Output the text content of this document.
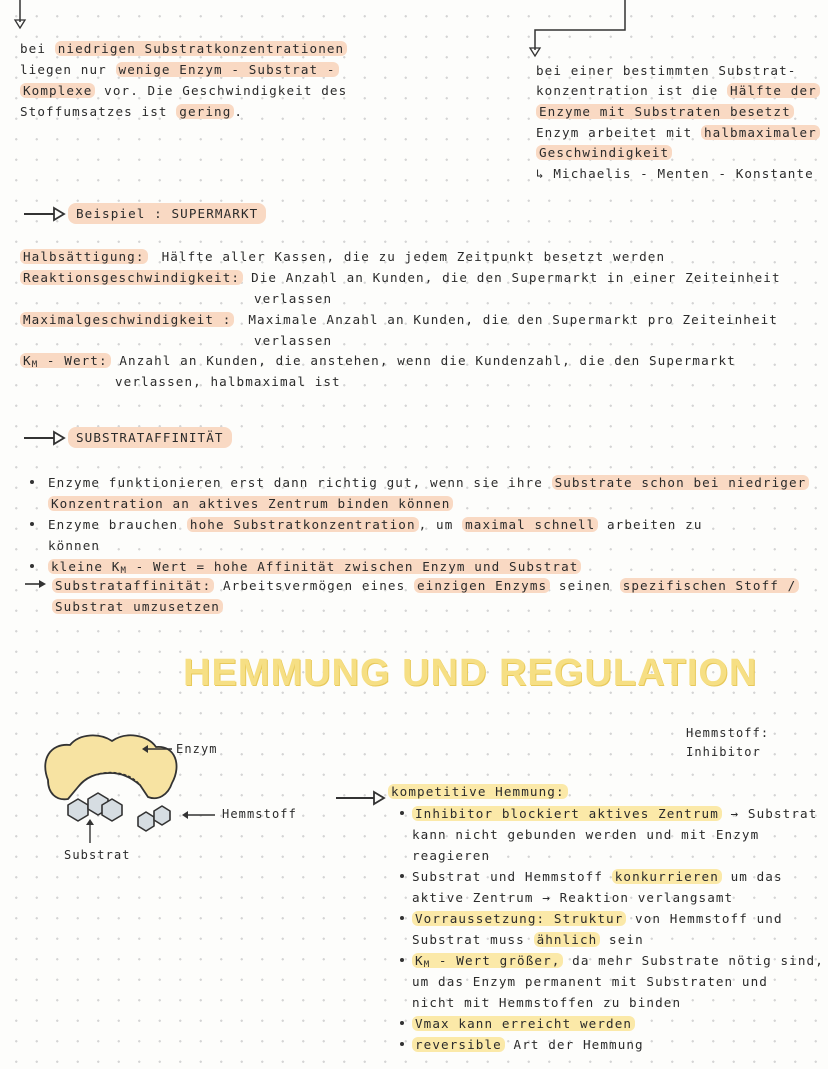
bei niedrigen Substratkonzentrationen
liegen nur wenige Enzym - Substrat -
Komplexe vor. Die Geschwindigkeit des
Stoffumsatzes ist gering .
bei einer bestimmten Substrat-
konzentration ist die Hälfte der
Enzyme mit Substraten besetzt
Enzym arbeitet mit halbmaximaler
Geschwindigkeit
↳ Michaelis - Menten - Konstante
Beispiel : SUPERMARKT
Halbsättigung: Hälfte aller Kassen, die zu jedem Zeitpunkt besetzt werden
Reaktionsgeschwindigkeit: Die Anzahl an Kunden, die den Supermarkt in einer Zeiteinheit
verlassen
Maximalgeschwindigkeit : Maximale Anzahl an Kunden, die den Supermarkt pro Zeiteinheit
verlassen
$K_M$ - Wert: Anzahl an Kunden, die anstehen, wenn die Kundenzahl, die den Supermarkt
verlassen, halbmaximal ist
SUBSTRATAFFINITÄT
Enzyme funktionieren erst dann richtig gut, wenn sie ihre Substrate schon bei niedriger
Konzentration an aktives Zentrum binden können
Enzyme brauchen hohe Substratkonzentration , um maximal schnell arbeiten zu
können
kleine $K_M$ - Wert = hohe Affinität zwischen Enzym und Substrat
Substrataffinität: Arbeitsvermögen eines einzigen Enzyms seinen spezifischen Stoff /
Substrat umzusetzen
HEMMUNG UND REGULATION
Hemmstoff:
Inhibitor
Enzym
Hemmstoff
Substrat
kompetitive Hemmung:
Inhibitor blockiert aktives Zentrum → Substrat
kann nicht gebunden werden und mit Enzym
reagieren
Substrat und Hemmstoff konkurrieren um das
aktive Zentrum → Reaktion verlangsamt
Vorraussetzung: Struktur von Hemmstoff und
Substrat muss ähnlich sein
$K_M$ - Wert größer, da mehr Substrate nötig sind,
um das Enzym permanent mit Substraten und
nicht mit Hemmstoffen zu binden
Vmax kann erreicht werden
reversible Art der Hemmung
